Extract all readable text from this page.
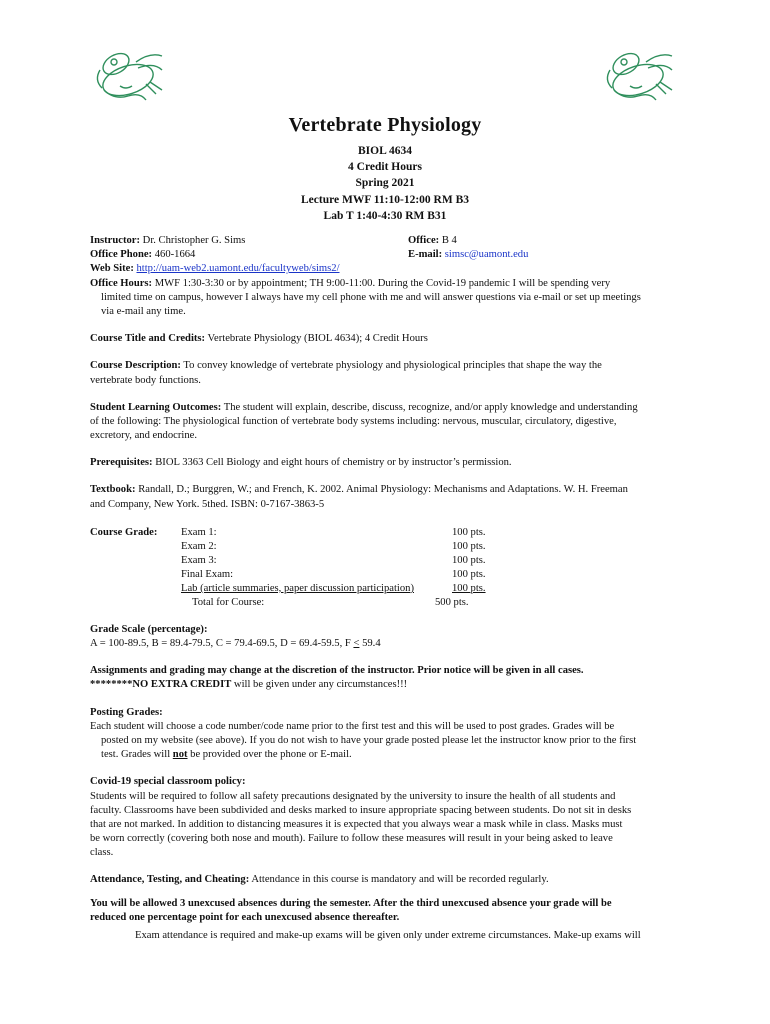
Vertebrate Physiology
BIOL 4634
4 Credit Hours
Spring 2021
Lecture MWF 11:10-12:00 RM B3
Lab T 1:40-4:30 RM B31
Instructor: Dr. Christopher G. Sims	Office: B 4
Office Phone: 460-1664	E-mail: simsc@uamont.edu
Web Site: http://uam-web2.uamont.edu/facultyweb/sims2/
Office Hours: MWF 1:30-3:30 or by appointment; TH 9:00-11:00. During the Covid-19 pandemic I will be spending very
limited time on campus, however I always have my cell phone with me and will answer questions via e-mail or set up meetings
via e-mail any time.

Course Title and Credits: Vertebrate Physiology (BIOL 4634); 4 Credit Hours

Course Description: To convey knowledge of vertebrate physiology and physiological principles that shape the way the
vertebrate body functions.

Student Learning Outcomes: The student will explain, describe, discuss, recognize, and/or apply knowledge and understanding
of the following: The physiological function of vertebrate body systems including: nervous, muscular, circulatory, digestive,
excretory, and endocrine.

Prerequisites: BIOL 3363 Cell Biology and eight hours of chemistry or by instructor’s permission.

Textbook: Randall, D.; Burggren, W.; and French, K. 2002. Animal Physiology: Mechanisms and Adaptations. W. H. Freeman
and Company, New York. 5thed. ISBN: 0-7167-3863-5

Course Grade: Exam 1:	100 pts.
Exam 2:	100 pts.
Exam 3:	100 pts.
Final Exam:	100 pts.
Lab (article summaries, paper discussion participation)	100 pts.
Total for Course:	500 pts.

Grade Scale (percentage):
A = 100-89.5, B = 89.4-79.5, C = 79.4-69.5, D = 69.4-59.5, F ≤ 59.4

Assignments and grading may change at the discretion of the instructor. Prior notice will be given in all cases.
********NO EXTRA CREDIT will be given under any circumstances!!!

Posting Grades:
Each student will choose a code number/code name prior to the first test and this will be used to post grades. Grades will be
posted on my website (see above). If you do not wish to have your grade posted please let the instructor know prior to the first
test. Grades will not be provided over the phone or E-mail.

Covid-19 special classroom policy:
Students will be required to follow all safety precautions designated by the university to insure the health of all students and
faculty. Classrooms have been subdivided and desks marked to insure appropriate spacing between students. Do not sit in desks
that are not marked. In addition to distancing measures it is expected that you always wear a mask while in class. Masks must
be worn correctly (covering both nose and mouth). Failure to follow these measures will result in your being asked to leave
class.

Attendance, Testing, and Cheating: Attendance in this course is mandatory and will be recorded regularly.

You will be allowed 3 unexcused absences during the semester. After the third unexcused absence your grade will be
reduced one percentage point for each unexcused absence thereafter.

Exam attendance is required and make-up exams will be given only under extreme circumstances. Make-up exams will
